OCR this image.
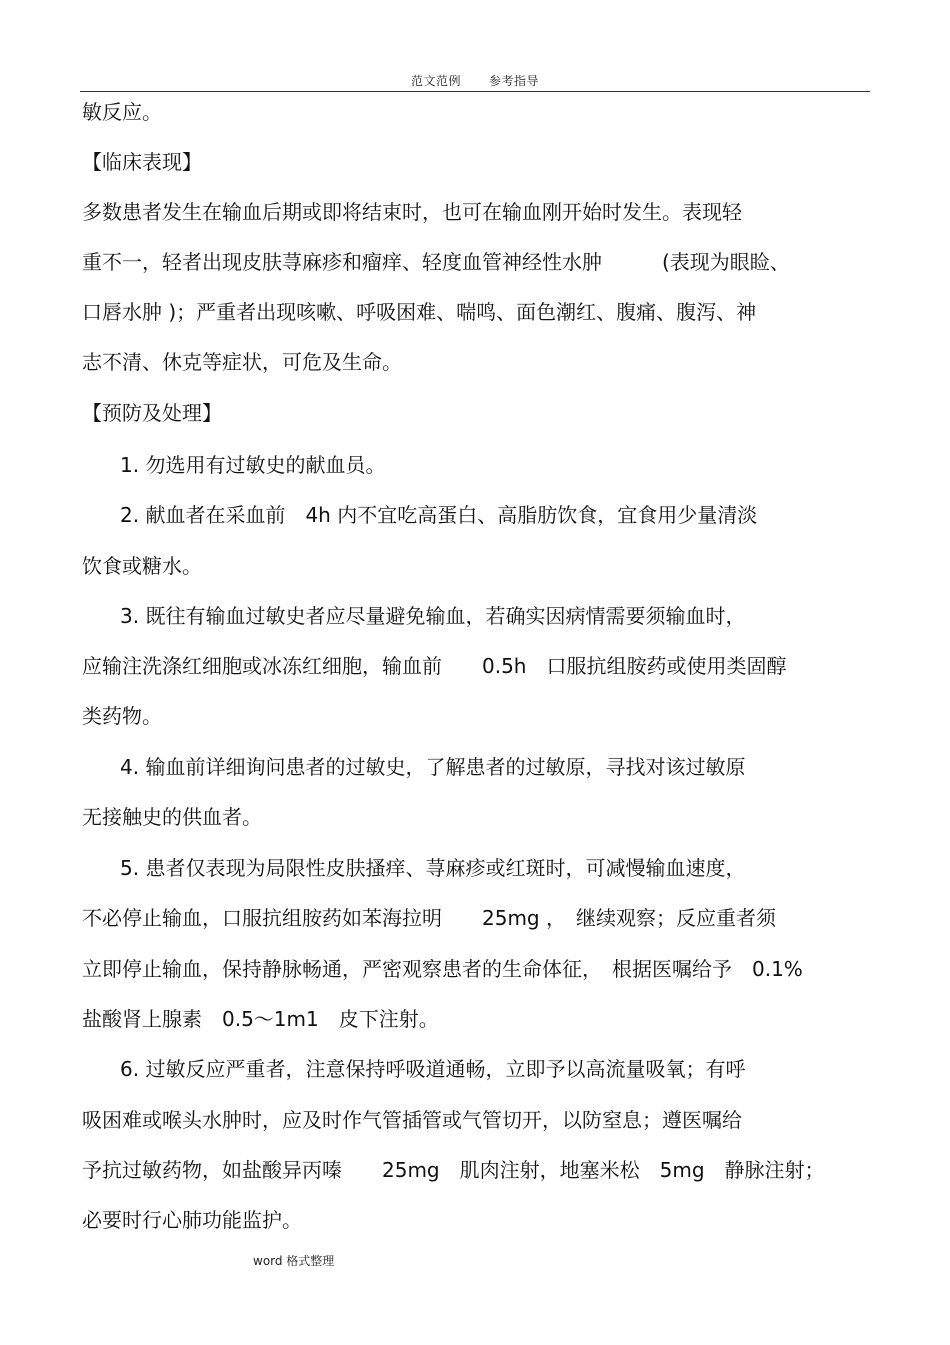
范文范例 参考指导
敏反应。
【临床表现】
多数患者发生在输血后期或即将结束时，也可在输血刚开始时发生。表现轻
重不一，轻者出现皮肤荨麻疹和瘤痒、轻度血管神经性水肿　　　(表现为眼睑、
口唇水肿 )；严重者出现咳嗽、呼吸困难、喘鸣、面色潮红、腹痛、腹泻、神
志不清、休克等症状，可危及生命。
【预防及处理】
1. 勿选用有过敏史的献血员。
2. 献血者在采血前　4h 内不宜吃高蛋白、高脂肪饮食，宜食用少量清淡
饮食或糖水。
3. 既往有输血过敏史者应尽量避免输血，若确实因病情需要须输血时，
应输注洗涤红细胞或冰冻红细胞，输血前　　0.5h　口服抗组胺药或使用类固醇
类药物。
4. 输血前详细询问患者的过敏史，了解患者的过敏原，寻找对该过敏原
无接触史的供血者。
5. 患者仅表现为局限性皮肤搔痒、荨麻疹或红斑时，可减慢输血速度，
不必停止输血，口服抗组胺药如苯海拉明　　25mg ，　继续观察；反应重者须
立即停止输血，保持静脉畅通，严密观察患者的生命体征，　根据医嘱给予　0.1%
盐酸肾上腺素　0.5～1m1　皮下注射。
6. 过敏反应严重者，注意保持呼吸道通畅，立即予以高流量吸氧；有呼
吸困难或喉头水肿时，应及时作气管插管或气管切开，以防窒息；遵医嘱给
予抗过敏药物，如盐酸异丙嗪　　25mg　肌肉注射，地塞米松　5mg　静脉注射；
必要时行心肺功能监护。
word 格式整理
